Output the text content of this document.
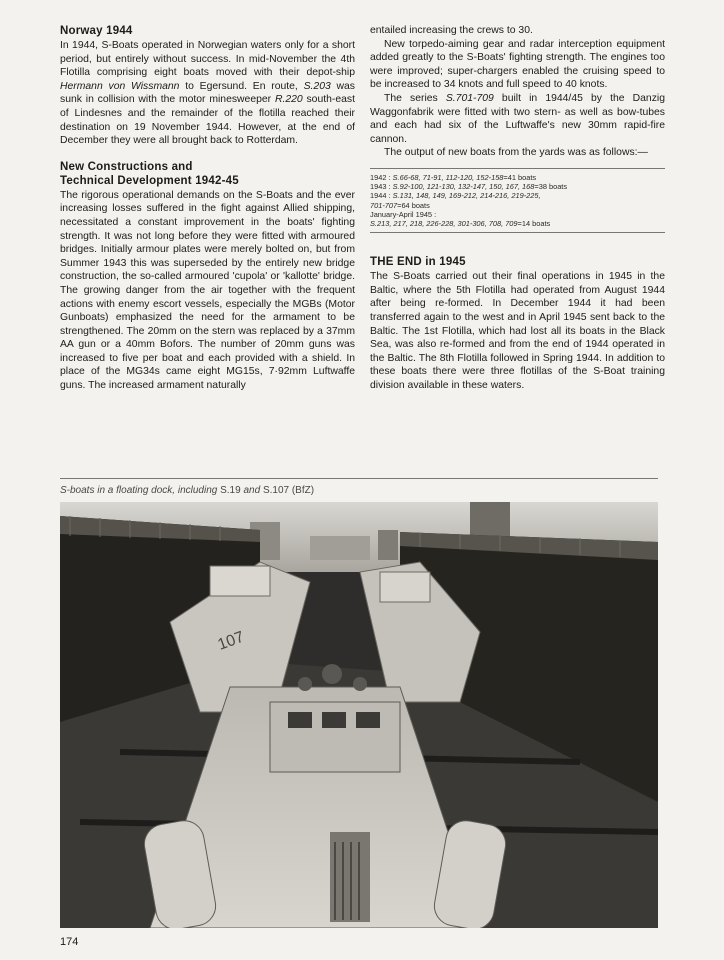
Norway 1944

In 1944, S-Boats operated in Norwegian waters only for a short period, but entirely without success. In mid-November the 4th Flotilla comprising eight boats moved with their depot-ship Hermann von Wissmann to Egersund. En route, S.203 was sunk in collision with the motor minesweeper R.220 south-east of Lindesnes and the remainder of the flotilla reached their destination on 19 November 1944. However, at the end of December they were all brought back to Rotterdam.

New Constructions and
Technical Development 1942-45

The rigorous operational demands on the S-Boats and the ever increasing losses suffered in the fight against Allied shipping, necessitated a constant improvement in the boats' fighting strength. It was not long before they were fitted with armoured bridges. Initially armour plates were merely bolted on, but from Summer 1943 this was superseded by the entirely new bridge construction, the so-called armoured 'cupola' or 'kallotte' bridge. The growing danger from the air together with the frequent actions with enemy escort vessels, especially the MGBs (Motor Gunboats) emphasized the need for the armament to be strengthened. The 20mm on the stern was replaced by a 37mm AA gun or a 40mm Bofors. The number of 20mm guns was increased to five per boat and each provided with a shield. In place of the MG34s came eight MG15s, 7·92mm Luftwaffe guns. The increased armament naturally

entailed increasing the crews to 30.

New torpedo-aiming gear and radar interception equipment added greatly to the S-Boats' fighting strength. The engines too were improved; super-chargers enabled the cruising speed to be increased to 34 knots and full speed to 40 knots.

The series S.701-709 built in 1944/45 by the Danzig Waggonfabrik were fitted with two stern- as well as bow-tubes and each had six of the Luftwaffe's new 30mm rapid-fire cannon.

The output of new boats from the yards was as follows:—

1942 : S.66-68, 71-91, 112-120, 152-158=41 boats

1943 : S.92-100, 121-130, 132-147, 150, 167, 168=38 boats

1944 : S.131, 148, 149, 169-212, 214-216, 219-225,

701-707=64 boats

January-April 1945 :

S.213, 217, 218, 226-228, 301-306, 708, 709=14 boats

THE END in 1945

The S-Boats carried out their final operations in 1945 in the Baltic, where the 5th Flotilla had operated from August 1944 after being re-formed. In December 1944 it had been transferred again to the west and in April 1945 sent back to the Baltic. The 1st Flotilla, which had lost all its boats in the Black Sea, was also re-formed and from the end of 1944 operated in the Baltic. The 8th Flotilla followed in Spring 1944. In addition to these boats there were three flotillas of the S-Boat training division available in these waters.

S-boats in a floating dock, including S.19 and S.107 (BfZ)
107
174
